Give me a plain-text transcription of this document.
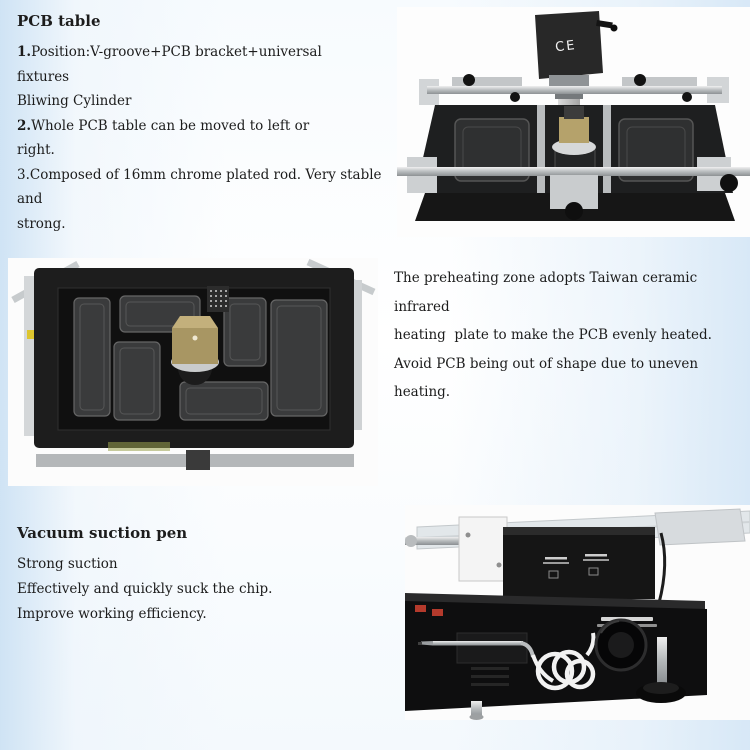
PCB table

1.Position:V-groove+PCB bracket+universal

fixtures

Bliwing Cylinder

2.Whole PCB table can be moved to left or

right.

3.Composed of 16mm chrome plated rod. Very stable  and

strong.

CE

The preheating zone adopts Taiwan ceramic  infrared

heating  plate to make the PCB evenly heated.

Avoid PCB being out of shape due to uneven

heating.

Vacuum suction pen

Strong suction

Effectively and quickly suck the chip.

Improve working efficiency.
